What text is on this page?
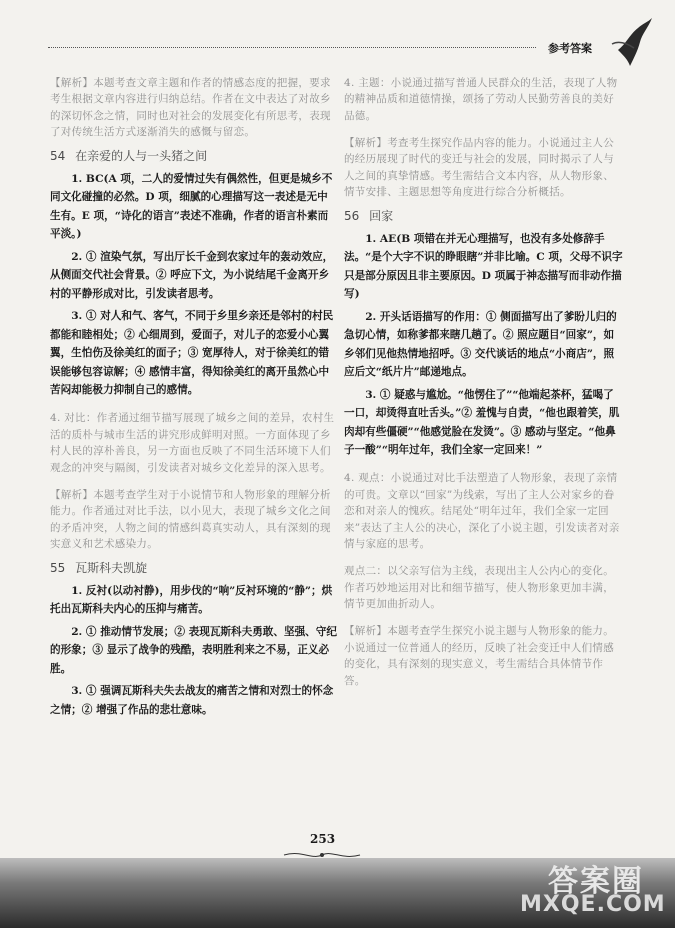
参考答案

【解析】本题考查文章主题和作者的情感态度的把握，要求考生根据文章内容进行归纳总结。作者在文中表达了对故乡的深切怀念之情，同时也对社会的发展变化有所思考，表现了对传统生活方式逐渐消失的感慨与留恋。

54 在亲爱的人与一头猪之间

1. BC(A 项，二人的爱情过失有偶然性，但更是城乡不同文化碰撞的必然。D 项，细腻的心理描写这一表述是无中生有。E 项，“诗化的语言”表述不准确，作者的语言朴素而平淡。)

2. ① 渲染气氛，写出厅长千金到农家过年的轰动效应，从侧面交代社会背景。② 呼应下文，为小说结尾千金离开乡村的平静形成对比，引发读者思考。

3. ① 对人和气、客气，不同于乡里乡亲还是邻村的村民都能和睦相处；② 心细周到，爱面子，对儿子的恋爱小心翼翼，生怕伤及徐美红的面子；③ 宽厚待人，对于徐美红的错误能够包容谅解；④ 感情丰富，得知徐美红的离开虽然心中苦闷却能极力抑制自己的感情。

4. 对比：作者通过细节描写展现了城乡之间的差异，农村生活的质朴与城市生活的讲究形成鲜明对照。一方面体现了乡村人民的淳朴善良，另一方面也反映了不同生活环境下人们观念的冲突与隔阂，引发读者对城乡文化差异的深入思考。

【解析】本题考查学生对于小说情节和人物形象的理解分析能力。作者通过对比手法，以小见大，表现了城乡文化之间的矛盾冲突，人物之间的情感纠葛真实动人，具有深刻的现实意义和艺术感染力。

55 瓦斯科夫凯旋

1. 反衬(以动衬静)，用步伐的“响”反衬环境的“静”；烘托出瓦斯科夫内心的压抑与痛苦。

2. ① 推动情节发展；② 表现瓦斯科夫勇敢、坚强、守纪的形象；③ 显示了战争的残酷，表明胜利来之不易，正义必胜。

3. ① 强调瓦斯科夫失去战友的痛苦之情和对烈士的怀念之情；② 增强了作品的悲壮意味。

4. 主题：小说通过描写普通人民群众的生活，表现了人物的精神品质和道德情操，颂扬了劳动人民勤劳善良的美好品德。

【解析】考查考生探究作品内容的能力。小说通过主人公的经历展现了时代的变迁与社会的发展，同时揭示了人与人之间的真挚情感。考生需结合文本内容，从人物形象、情节安排、主题思想等角度进行综合分析概括。

56 回家

1. AE(B 项错在并无心理描写，也没有多处修辞手法。“是个大字不识的睁眼瞎”并非比喻。C 项，父母不识字只是部分原因且非主要原因。D 项属于神态描写而非动作描写)

2. 开头话语描写的作用：① 侧面描写出了爹盼儿归的急切心情，如称爹都来瞎几趟了。② 照应题目“回家”，如乡邻们见他热情地招呼。③ 交代谈话的地点“小商店”，照应后文“纸片片”邮递地点。

3. ① 疑惑与尴尬。“他愣住了”“他端起茶杯，猛喝了一口，却烫得直吐舌头。”② 羞愧与自责，“他也跟着笑，肌肉却有些僵硬”“他感觉脸在发烫”。③ 感动与坚定。“他鼻子一酸”“明年过年，我们全家一定回来！”

4. 观点：小说通过对比手法塑造了人物形象，表现了亲情的可贵。文章以“回家”为线索，写出了主人公对家乡的眷恋和对亲人的愧疚。结尾处“明年过年，我们全家一定回来”表达了主人公的决心，深化了小说主题，引发读者对亲情与家庭的思考。

观点二：以父亲写信为主线，表现出主人公内心的变化。作者巧妙地运用对比和细节描写，使人物形象更加丰满，情节更加曲折动人。

【解析】本题考查学生探究小说主题与人物形象的能力。小说通过一位普通人的经历，反映了社会变迁中人们情感的变化，具有深刻的现实意义，考生需结合具体情节作答。

253
答案圈
MXQE.COM
